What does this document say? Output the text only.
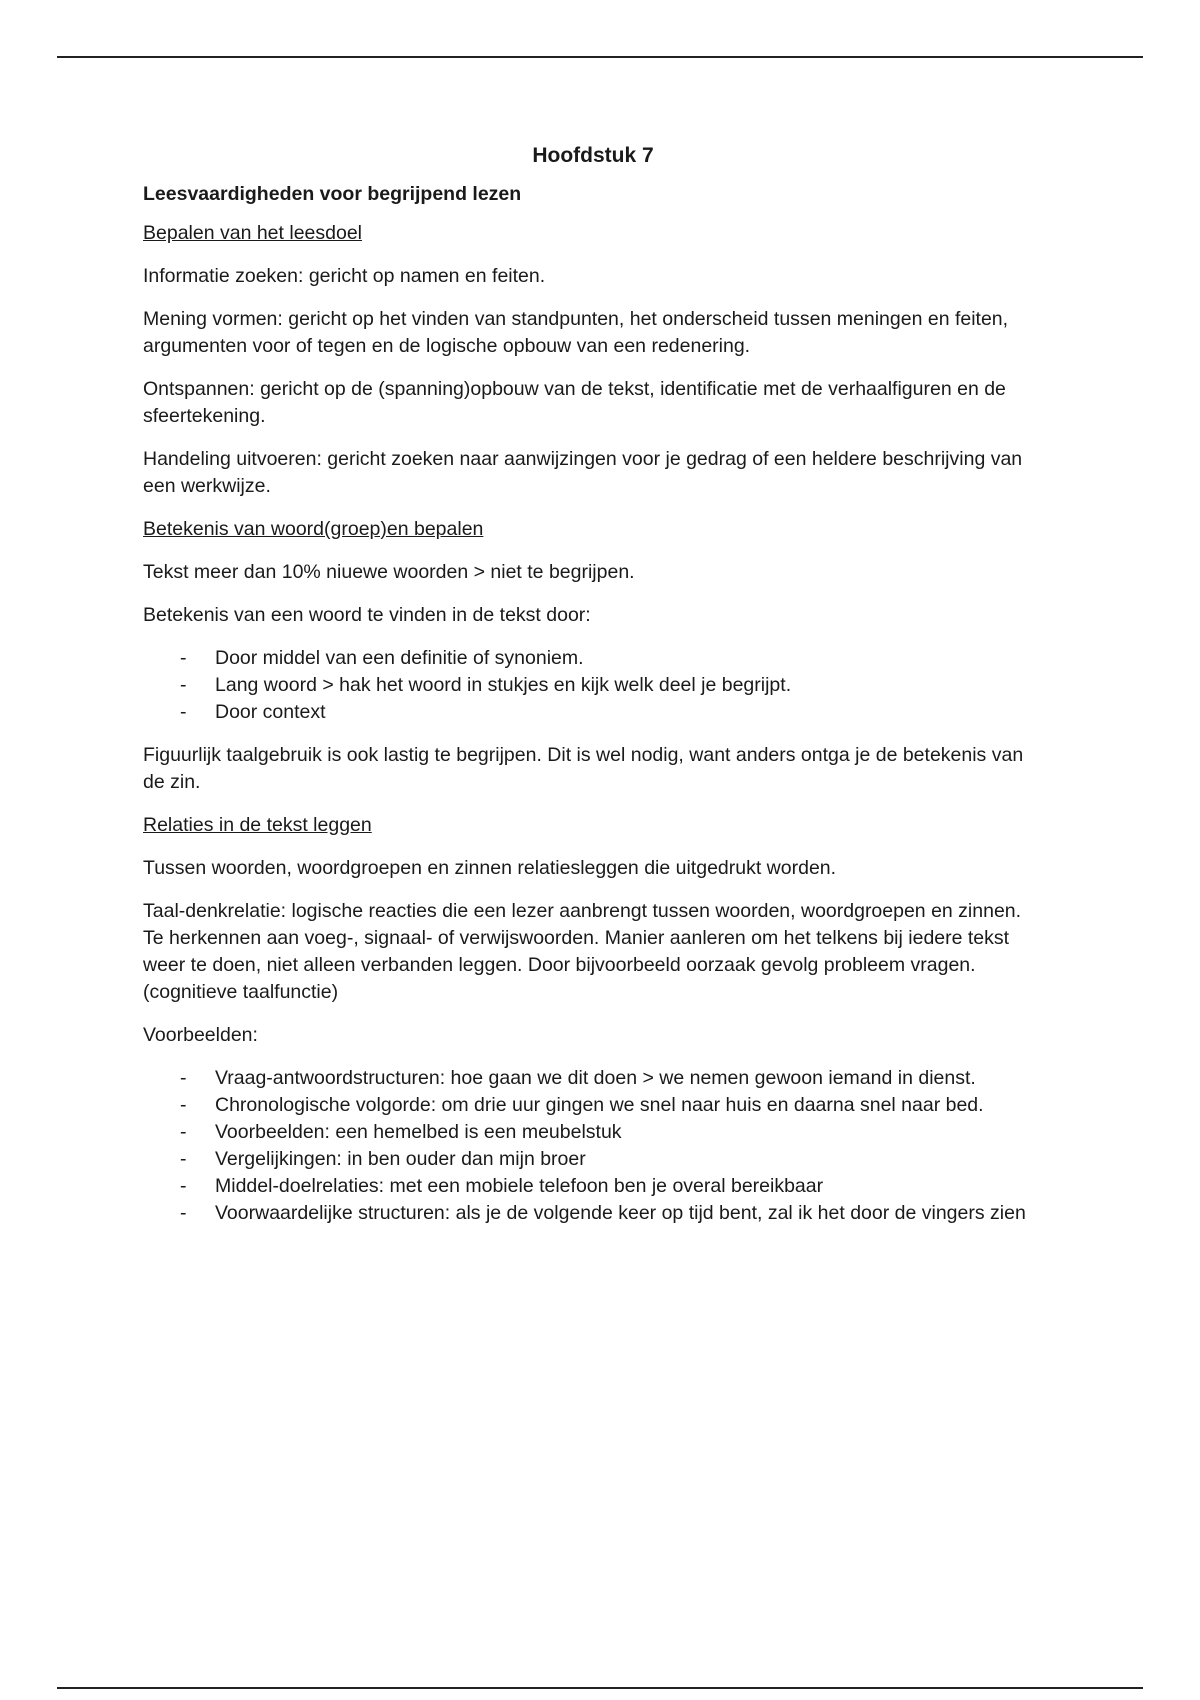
Hoofdstuk 7
Leesvaardigheden voor begrijpend lezen
Bepalen van het leesdoel

Informatie zoeken: gericht op namen en feiten.

Mening vormen: gericht op het vinden van standpunten, het onderscheid tussen meningen en feiten, argumenten voor of tegen en de logische opbouw van een redenering.

Ontspannen: gericht op de (spanning)opbouw van de tekst, identificatie met de verhaalfiguren en de sfeertekening.

Handeling uitvoeren: gericht zoeken naar aanwijzingen voor je gedrag of een heldere beschrijving van een werkwijze.

Betekenis van woord(groep)en bepalen

Tekst meer dan 10% niuewe woorden > niet te begrijpen.

Betekenis van een woord te vinden in de tekst door:

- Door middel van een definitie of synoniem.
- Lang woord > hak het woord in stukjes en kijk welk deel je begrijpt.
- Door context

Figuurlijk taalgebruik is ook lastig te begrijpen. Dit is wel nodig, want anders ontga je de betekenis van de zin.

Relaties in de tekst leggen

Tussen woorden, woordgroepen en zinnen relatiesleggen die uitgedrukt worden.

Taal-denkrelatie: logische reacties die een lezer aanbrengt tussen woorden, woordgroepen en zinnen. Te herkennen aan voeg-, signaal- of verwijswoorden. Manier aanleren om het telkens bij iedere tekst weer te doen, niet alleen verbanden leggen. Door bijvoorbeeld oorzaak gevolg probleem vragen. (cognitieve taalfunctie)

Voorbeelden:

- Vraag-antwoordstructuren: hoe gaan we dit doen > we nemen gewoon iemand in dienst.
- Chronologische volgorde: om drie uur gingen we snel naar huis en daarna snel naar bed.
- Voorbeelden: een hemelbed is een meubelstuk
- Vergelijkingen: in ben ouder dan mijn broer
- Middel-doelrelaties: met een mobiele telefoon ben je overal bereikbaar
- Voorwaardelijke structuren: als je de volgende keer op tijd bent, zal ik het door de vingers zien
